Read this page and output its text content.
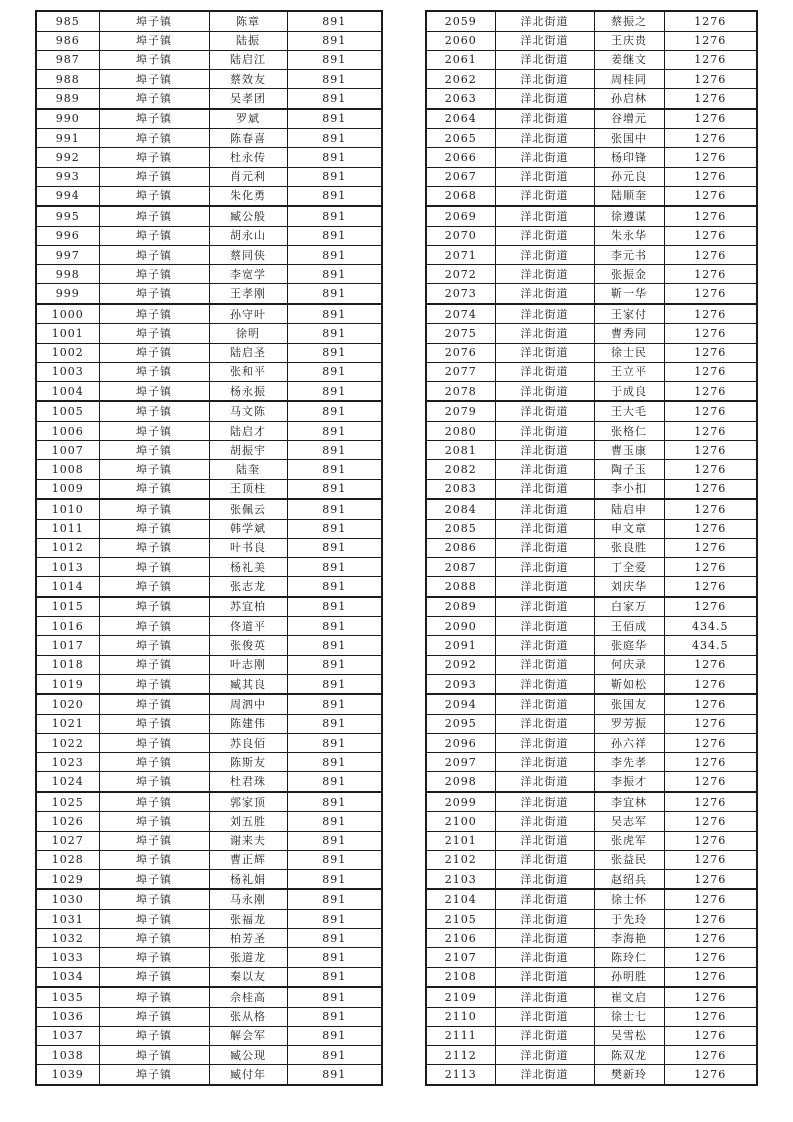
985	埠子镇	陈章	891
986	埠子镇	陆振	891
987	埠子镇	陆启江	891
988	埠子镇	蔡效友	891
989	埠子镇	吴孝团	891
990	埠子镇	罗斌	891
991	埠子镇	陈春喜	891
992	埠子镇	杜永传	891
993	埠子镇	肖元利	891
994	埠子镇	朱化勇	891
995	埠子镇	臧公般	891
996	埠子镇	胡永山	891
997	埠子镇	蔡同侠	891
998	埠子镇	李宽学	891
999	埠子镇	王孝刚	891
1000	埠子镇	孙守叶	891
1001	埠子镇	徐明	891
1002	埠子镇	陆启圣	891
1003	埠子镇	张和平	891
1004	埠子镇	杨永振	891
1005	埠子镇	马文陈	891
1006	埠子镇	陆启才	891
1007	埠子镇	胡振宇	891
1008	埠子镇	陆奎	891
1009	埠子镇	王顶柱	891
1010	埠子镇	张佩云	891
1011	埠子镇	韩学斌	891
1012	埠子镇	叶书良	891
1013	埠子镇	杨礼美	891
1014	埠子镇	张志龙	891
1015	埠子镇	苏宜柏	891
1016	埠子镇	佟道平	891
1017	埠子镇	张俊英	891
1018	埠子镇	叶志刚	891
1019	埠子镇	臧其良	891
1020	埠子镇	周泗中	891
1021	埠子镇	陈建伟	891
1022	埠子镇	苏良佰	891
1023	埠子镇	陈斯友	891
1024	埠子镇	杜君珠	891
1025	埠子镇	郭家顶	891
1026	埠子镇	刘五胜	891
1027	埠子镇	谢来夫	891
1028	埠子镇	曹正辉	891
1029	埠子镇	杨礼娟	891
1030	埠子镇	马永刚	891
1031	埠子镇	张福龙	891
1032	埠子镇	柏芳圣	891
1033	埠子镇	张道龙	891
1034	埠子镇	秦以友	891
1035	埠子镇	佘桂高	891
1036	埠子镇	张从格	891
1037	埠子镇	解会军	891
1038	埠子镇	臧公现	891
1039	埠子镇	臧付年	891
2059	洋北街道	蔡振之	1276
2060	洋北街道	王庆贵	1276
2061	洋北街道	姜继文	1276
2062	洋北街道	周桂同	1276
2063	洋北街道	孙启林	1276
2064	洋北街道	谷增元	1276
2065	洋北街道	张国中	1276
2066	洋北街道	杨印锋	1276
2067	洋北街道	孙元良	1276
2068	洋北街道	陆顺奎	1276
2069	洋北街道	徐遵谋	1276
2070	洋北街道	朱永华	1276
2071	洋北街道	李元书	1276
2072	洋北街道	张振金	1276
2073	洋北街道	靳一华	1276
2074	洋北街道	王家付	1276
2075	洋北街道	曹秀同	1276
2076	洋北街道	徐士民	1276
2077	洋北街道	王立平	1276
2078	洋北街道	于成良	1276
2079	洋北街道	王大毛	1276
2080	洋北街道	张格仁	1276
2081	洋北街道	曹玉康	1276
2082	洋北街道	陶子玉	1276
2083	洋北街道	李小扣	1276
2084	洋北街道	陆启申	1276
2085	洋北街道	申文章	1276
2086	洋北街道	张良胜	1276
2087	洋北街道	丁全爱	1276
2088	洋北街道	刘庆华	1276
2089	洋北街道	白家万	1276
2090	洋北街道	王佰成	434.5
2091	洋北街道	张庭华	434.5
2092	洋北街道	何庆录	1276
2093	洋北街道	靳如松	1276
2094	洋北街道	张国友	1276
2095	洋北街道	罗芳振	1276
2096	洋北街道	孙六祥	1276
2097	洋北街道	李先孝	1276
2098	洋北街道	李振才	1276
2099	洋北街道	李宜林	1276
2100	洋北街道	吴志军	1276
2101	洋北街道	张虎军	1276
2102	洋北街道	张益民	1276
2103	洋北街道	赵绍兵	1276
2104	洋北街道	徐士怀	1276
2105	洋北街道	于先玲	1276
2106	洋北街道	李海艳	1276
2107	洋北街道	陈玲仁	1276
2108	洋北街道	孙明胜	1276
2109	洋北街道	崔文启	1276
2110	洋北街道	徐士七	1276
2111	洋北街道	吴雪松	1276
2112	洋北街道	陈双龙	1276
2113	洋北街道	樊新玲	1276
